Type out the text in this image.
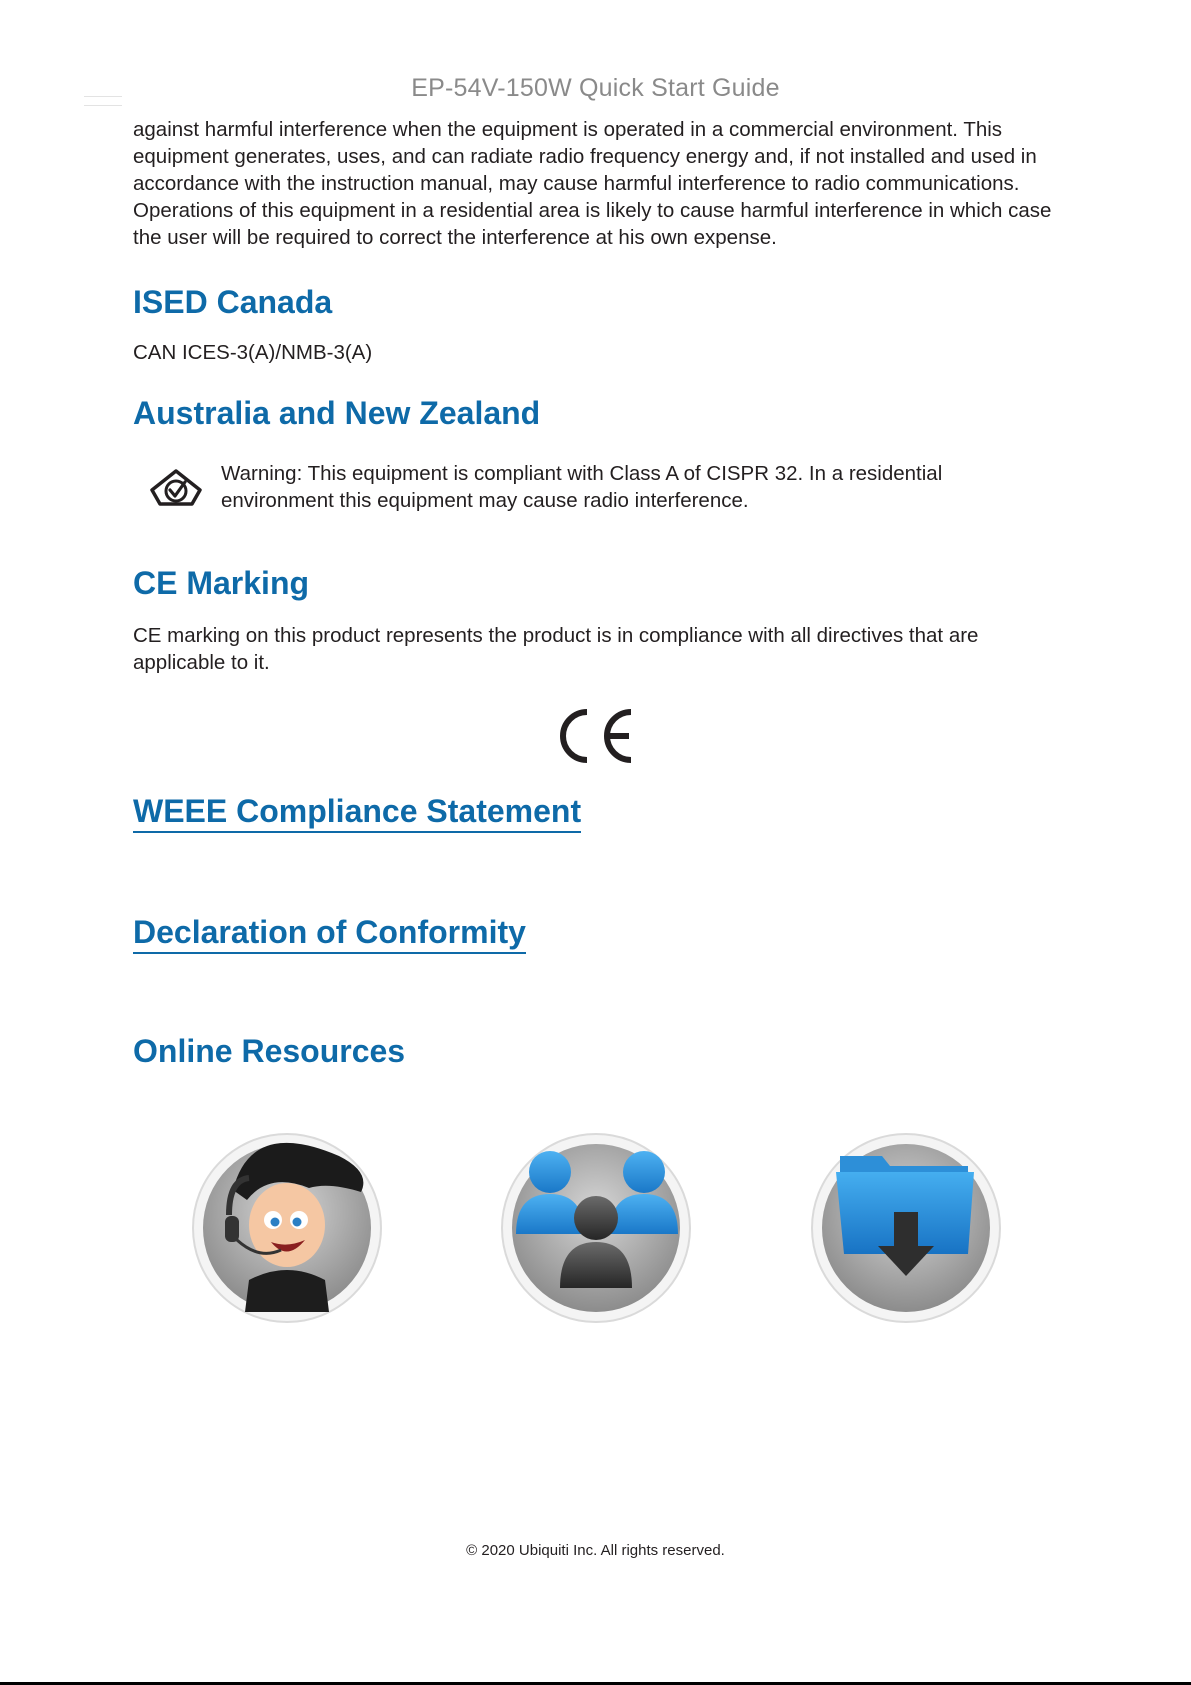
EP-54V-150W Quick Start Guide

against harmful interference when the equipment is operated in a commercial environment. This equipment generates, uses, and can radiate radio frequency energy and, if not installed and used in accordance with the instruction manual, may cause harmful interference to radio communications. Operations of this equipment in a residential area is likely to cause harmful interference in which case the user will be required to correct the interference at his own expense.

ISED Canada

CAN ICES-3(A)/NMB-3(A)

Australia and New Zealand

Warning: This equipment is compliant with Class A of CISPR 32. In a residential environment this equipment may cause radio interference.

CE Marking

CE marking on this product represents the product is in compliance with all directives that are applicable to it.

WEEE Compliance Statement
Declaration of Conformity
Online Resources
© 2020 Ubiquiti Inc. All rights reserved.
